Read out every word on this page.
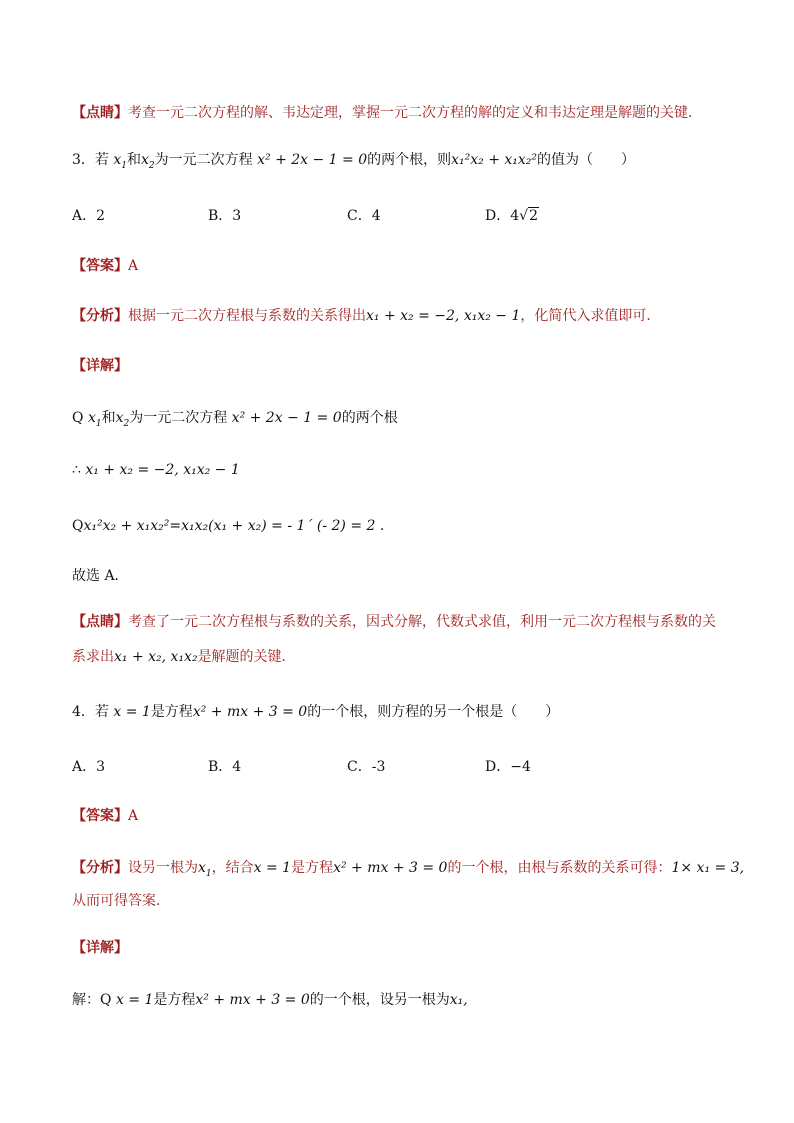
【点睛】考查一元二次方程的解、韦达定理，掌握一元二次方程的解的定义和韦达定理是解题的关键．
3．若 $x_1$和$x_2$为一元二次方程 x² + 2x − 1 = 0的两个根，则x₁²x₂ + x₁x₂²的值为（　　）
A．2	B．3	C．4	D．4√2
【答案】A
【分析】根据一元二次方程根与系数的关系得出x₁ + x₂ = −2, x₁x₂ − 1，化简代入求值即可．
【详解】
Q $x_1$和$x_2$为一元二次方程 x² + 2x − 1 = 0的两个根
∴ x₁ + x₂ = −2, x₁x₂ − 1
Qx₁²x₂ + x₁x₂²=x₁x₂(x₁ + x₂) = - 1´ (- 2) = 2 .
故选 A．
【点睛】考查了一元二次方程根与系数的关系，因式分解，代数式求值，利用一元二次方程根与系数的关
系求出x₁ + x₂, x₁x₂是解题的关键．
4．若 x = 1是方程x² + mx + 3 = 0的一个根，则方程的另一个根是（　　）
A．3	B．4	C．-3	D．−4
【答案】A
【分析】设另一根为$x_1$，结合x = 1是方程x² + mx + 3 = 0的一个根，由根与系数的关系可得：1× x₁ = 3,
从而可得答案．
【详解】
解：Q x = 1是方程x² + mx + 3 = 0的一个根，设另一根为x₁,
